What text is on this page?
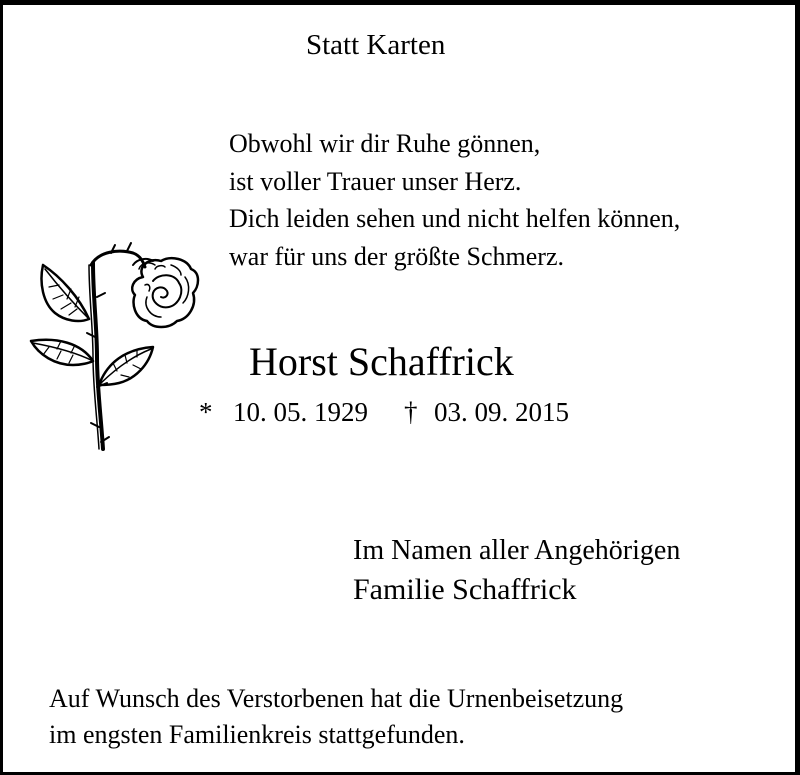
Statt Karten
Obwohl wir dir Ruhe gönnen,
ist voller Trauer unser Herz.
Dich leiden sehen und nicht helfen können,
war für uns der größte Schmerz.
Horst Schaffrick
* 10. 05. 1929 † 03. 09. 2015
Im Namen aller Angehörigen
Familie Schaffrick
Auf Wunsch des Verstorbenen hat die Urnenbeisetzung
im engsten Familienkreis stattgefunden.
